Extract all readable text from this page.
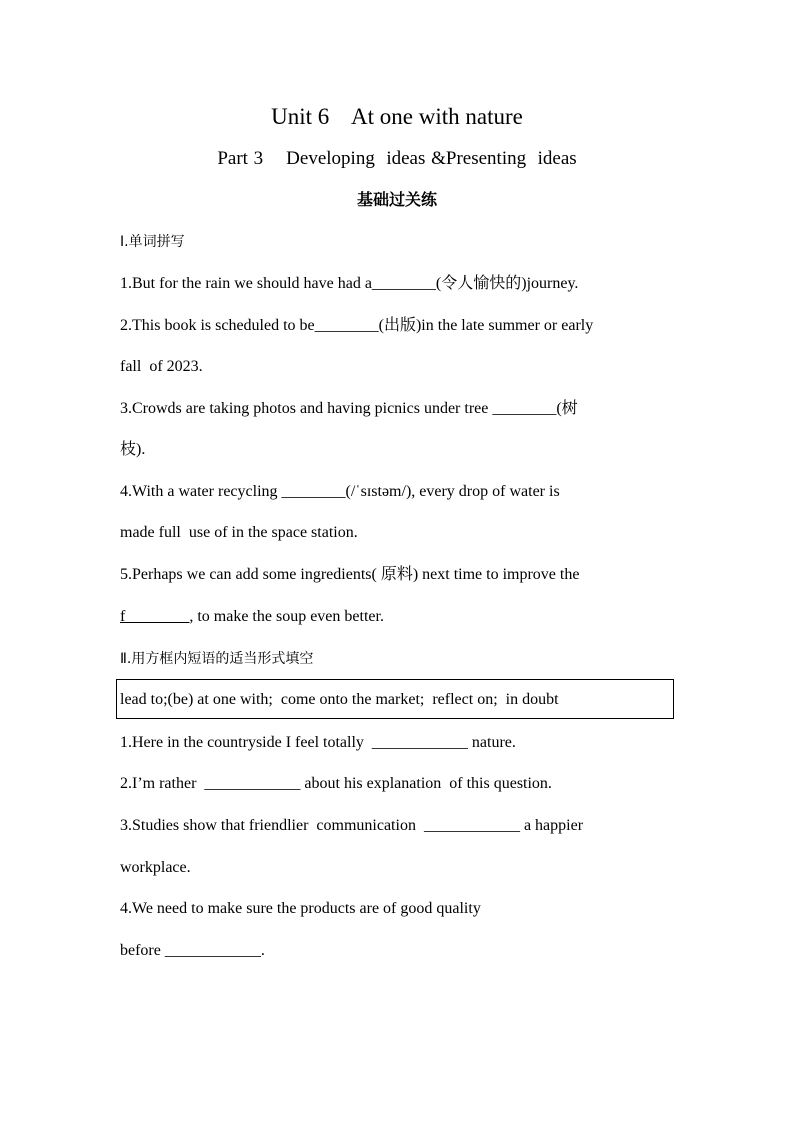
Unit 6    At one with nature
Part 3    Developing  ideas &Presenting  ideas
基础过关练
Ⅰ.单词拼写
1.But for the rain we should have had a________(令人愉快的)journey.
2.This book is scheduled to be________(出版)in the late summer or early
fall  of 2023.
3.Crowds are taking photos and having picnics under tree ________(树
枝).
4.With a water recycling ________(/ˈsɪstəm/), every drop of water is
made full  use of in the space station.
5.Perhaps we can add some ingredients( 原料) next time to improve the
f________, to make the soup even better.
Ⅱ.用方框内短语的适当形式填空
lead to;(be) at one with;  come onto the market;  reflect on;  in doubt
1.Here in the countryside I feel totally  ____________ nature.
2.I’m rather  ____________ about his explanation  of this question.
3.Studies show that friendlier  communication  ____________ a happier
workplace.
4.We need to make sure the products are of good quality
before ____________.
